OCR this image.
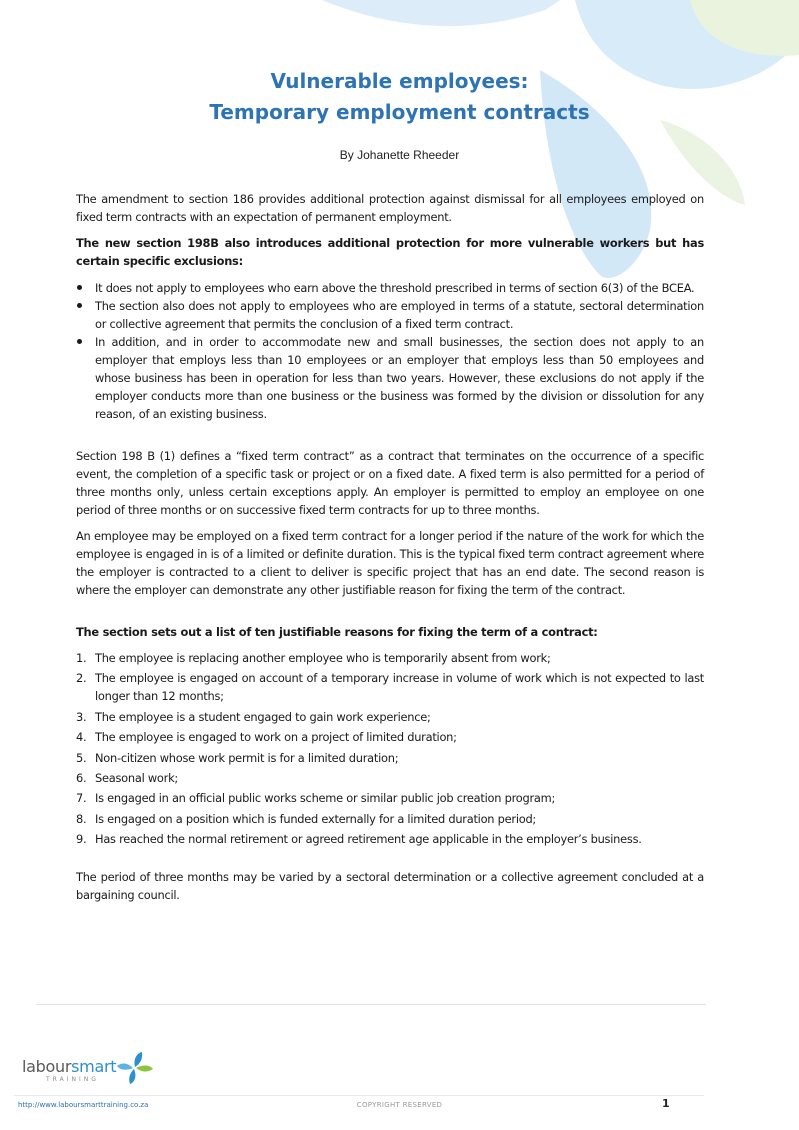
Vulnerable employees:
Temporary employment contracts
By Johanette Rheeder

The amendment to section 186 provides additional protection against dismissal for all employees employed on fixed term contracts with an expectation of permanent employment.

The new section 198B also introduces additional protection for more vulnerable workers but has certain specific exclusions:

It does not apply to employees who earn above the threshold prescribed in terms of section 6(3) of the BCEA.
The section also does not apply to employees who are employed in terms of a statute, sectoral determination or collective agreement that permits the conclusion of a fixed term contract.
In addition, and in order to accommodate new and small businesses, the section does not apply to an employer that employs less than 10 employees or an employer that employs less than 50 employees and whose business has been in operation for less than two years. However, these exclusions do not apply if the employer conducts more than one business or the business was formed by the division or dissolution for any reason, of an existing business.

Section 198 B (1) defines a “fixed term contract” as a contract that terminates on the occurrence of a specific event, the completion of a specific task or project or on a fixed date. A fixed term is also permitted for a period of three months only, unless certain exceptions apply. An employer is permitted to employ an employee on one period of three months or on successive fixed term contracts for up to three months.

An employee may be employed on a fixed term contract for a longer period if the nature of the work for which the employee is engaged in is of a limited or definite duration. This is the typical fixed term contract agreement where the employer is contracted to a client to deliver is specific project that has an end date. The second reason is where the employer can demonstrate any other justifiable reason for fixing the term of the contract.

The section sets out a list of ten justifiable reasons for fixing the term of a contract:

1. The employee is replacing another employee who is temporarily absent from work;
2. The employee is engaged on account of a temporary increase in volume of work which is not expected to last longer than 12 months;
3. The employee is a student engaged to gain work experience;
4. The employee is engaged to work on a project of limited duration;
5. Non-citizen whose work permit is for a limited duration;
6. Seasonal work;
7. Is engaged in an official public works scheme or similar public job creation program;
8. Is engaged on a position which is funded externally for a limited duration period;
9. Has reached the normal retirement or agreed retirement age applicable in the employer’s business.

The period of three months may be varied by a sectoral determination or a collective agreement concluded at a bargaining council.

laboursmart
TRAINING
http://www.laboursmarttraining.co.za	COPYRIGHT RESERVED	1
